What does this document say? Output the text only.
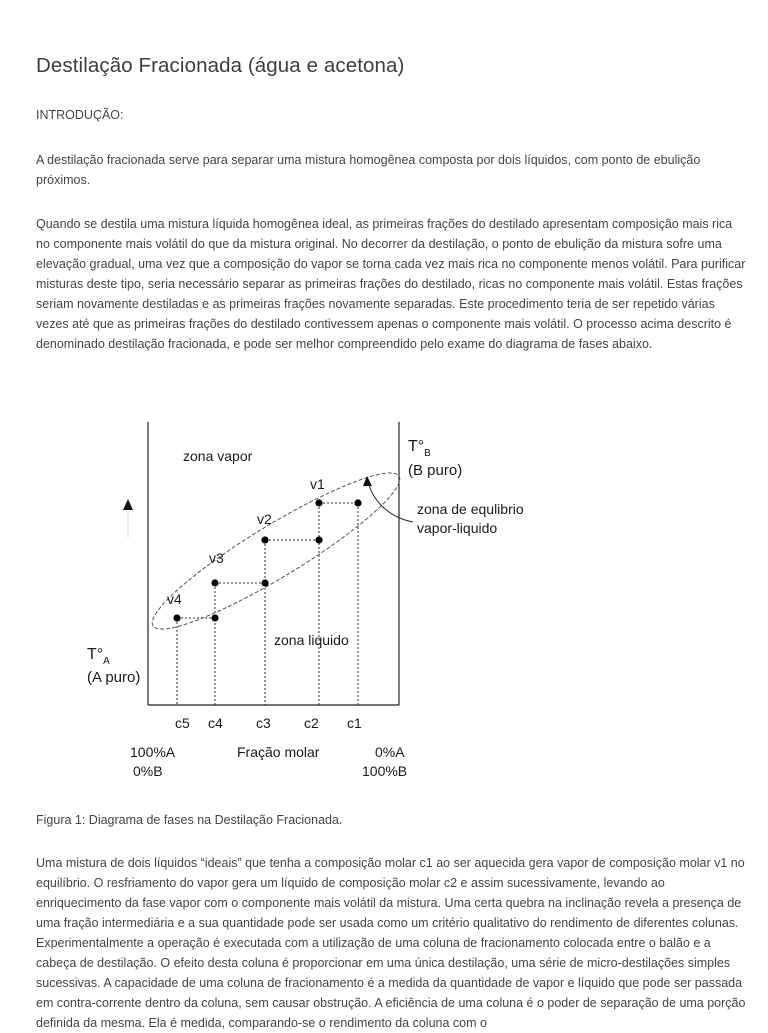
Destilação Fracionada (água e acetona)
INTRODUÇÃO:

A destilação fracionada serve para separar uma mistura homogênea composta por dois líquidos, com ponto de ebulição próximos.

Quando se destila uma mistura líquida homogênea ideal, as primeiras frações do destilado apresentam composição mais rica no componente mais volátil do que da mistura original. No decorrer da destilação, o ponto de ebulição da mistura sofre uma elevação gradual, uma vez que a composição do vapor se torna cada vez mais rica no componente menos volátil. Para purificar misturas deste tipo, seria necessário separar as primeiras frações do destilado, ricas no componente mais volátil. Estas frações seriam novamente destiladas e as primeiras frações novamente separadas. Este procedimento teria de ser repetido várias vezes até que as primeiras frações do destilado contivessem apenas o componente mais volátil. O processo acima descrito é denominado destilação fracionada, e pode ser melhor compreendido pelo exame do diagrama de fases abaixo.

zona vapor
zona liquido
zona de equlibrio
vapor-liquido
$T^\circ_B$
(B puro)
$T^\circ_A$
(A puro)
v1
v2
v3
v4
c5 c4 c3 c2 c1
100%A
0%B
Fração molar	0%A
100%B
Figura 1: Diagrama de fases na Destilação Fracionada.

Uma mistura de dois líquidos “ideais” que tenha a composição molar c1 ao ser aquecida gera vapor de composição molar v1 no equilíbrio. O resfriamento do vapor gera um líquido de composição molar c2 e assim sucessivamente, levando ao enriquecimento da fase vapor com o componente mais volátil da mistura. Uma certa quebra na inclinação revela a presença de uma fração intermediária e a sua quantidade pode ser usada como um critério qualitativo do rendimento de diferentes colunas. Experimentalmente a operação é executada com a utilização de uma coluna de fracionamento colocada entre o balão e a cabeça de destilação. O efeito desta coluna é proporcionar em uma única destilação, uma série de micro-destilações simples sucessivas. A capacidade de uma coluna de fracionamento é a medida da quantidade de vapor e líquido que pode ser passada em contra-corrente dentro da coluna, sem causar obstrução. A eficiência de uma coluna é o poder de separação de uma porção definida da mesma. Ela é medida, comparando-se o rendimento da coluna com o
